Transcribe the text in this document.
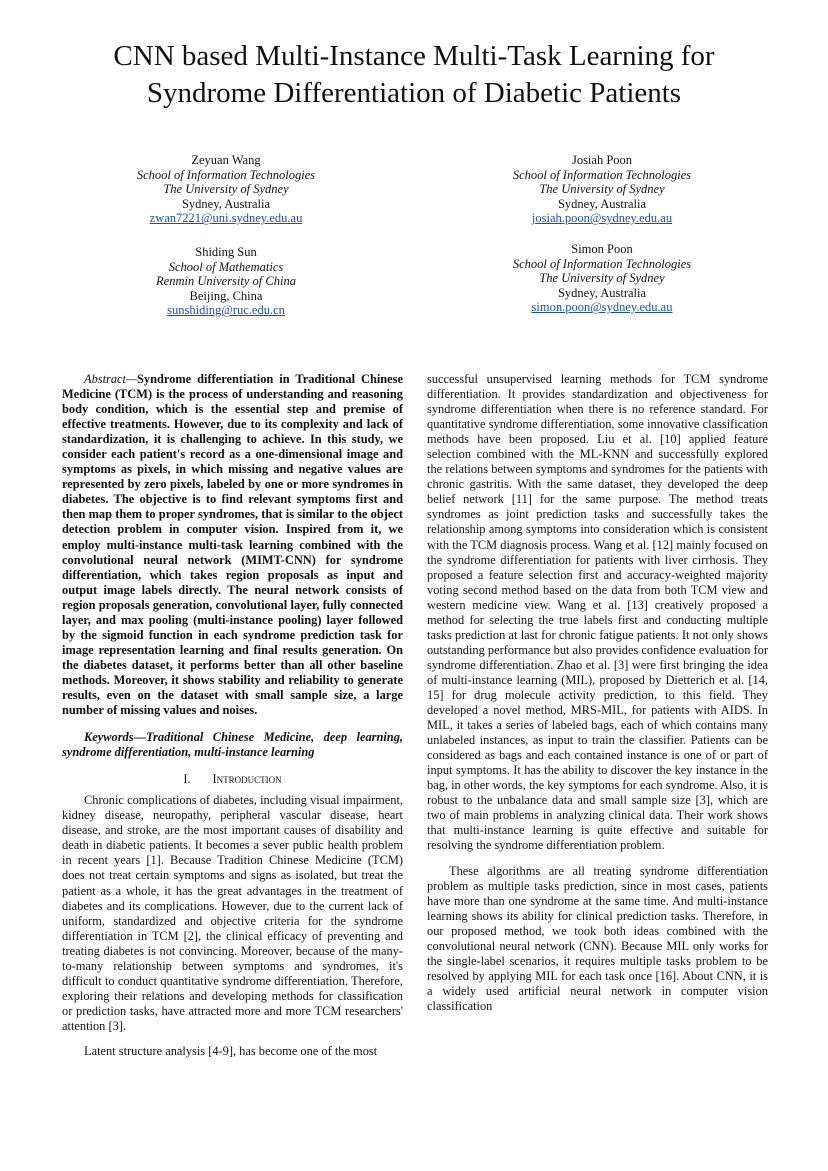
CNN based Multi-Instance Multi-Task Learning for
Syndrome Differentiation of Diabetic Patients
Zeyuan Wang
School of Information Technologies
The University of Sydney
Sydney, Australia
zwan7221@uni.sydney.edu.au
Josiah Poon
School of Information Technologies
The University of Sydney
Sydney, Australia
josiah.poon@sydney.edu.au
Shiding Sun
School of Mathematics
Renmin University of China
Beijing, China
sunshiding@ruc.edu.cn
Simon Poon
School of Information Technologies
The University of Sydney
Sydney, Australia
simon.poon@sydney.edu.au

Abstract—Syndrome differentiation in Traditional Chinese Medicine (TCM) is the process of understanding and reasoning body condition, which is the essential step and premise of effective treatments. However, due to its complexity and lack of standardization, it is challenging to achieve. In this study, we consider each patient's record as a one-dimensional image and symptoms as pixels, in which missing and negative values are represented by zero pixels, labeled by one or more syndromes in diabetes. The objective is to find relevant symptoms first and then map them to proper syndromes, that is similar to the object detection problem in computer vision. Inspired from it, we employ multi-instance multi-task learning combined with the convolutional neural network (MIMT-CNN) for syndrome differentiation, which takes region proposals as input and output image labels directly. The neural network consists of region proposals generation, convolutional layer, fully connected layer, and max pooling (multi-instance pooling) layer followed by the sigmoid function in each syndrome prediction task for image representation learning and final results generation. On the diabetes dataset, it performs better than all other baseline methods. Moreover, it shows stability and reliability to generate results, even on the dataset with small sample size, a large number of missing values and noises.

Keywords—Traditional Chinese Medicine, deep learning, syndrome differentiation, multi-instance learning

I. Introduction

Chronic complications of diabetes, including visual impairment, kidney disease, neuropathy, peripheral vascular disease, heart disease, and stroke, are the most important causes of disability and death in diabetic patients. It becomes a sever public health problem in recent years [1]. Because Tradition Chinese Medicine (TCM) does not treat certain symptoms and signs as isolated, but treat the patient as a whole, it has the great advantages in the treatment of diabetes and its complications. However, due to the current lack of uniform, standardized and objective criteria for the syndrome differentiation in TCM [2], the clinical efficacy of preventing and treating diabetes is not convincing. Moreover, because of the many-to-many relationship between symptoms and syndromes, it's difficult to conduct quantitative syndrome differentiation. Therefore, exploring their relations and developing methods for classification or prediction tasks, have attracted more and more TCM researchers' attention [3].

Latent structure analysis [4-9], has become one of the most

successful unsupervised learning methods for TCM syndrome differentiation. It provides standardization and objectiveness for syndrome differentiation when there is no reference standard. For quantitative syndrome differentiation, some innovative classification methods have been proposed. Liu et al. [10] applied feature selection combined with the ML-KNN and successfully explored the relations between symptoms and syndromes for the patients with chronic gastritis. With the same dataset, they developed the deep belief network [11] for the same purpose. The method treats syndromes as joint prediction tasks and successfully takes the relationship among symptoms into consideration which is consistent with the TCM diagnosis process. Wang et al. [12] mainly focused on the syndrome differentiation for patients with liver cirrhosis. They proposed a feature selection first and accuracy-weighted majority voting second method based on the data from both TCM view and western medicine view. Wang et al. [13] creatively proposed a method for selecting the true labels first and conducting multiple tasks prediction at last for chronic fatigue patients. It not only shows outstanding performance but also provides confidence evaluation for syndrome differentiation. Zhao et al. [3] were first bringing the idea of multi-instance learning (MIL), proposed by Dietterich et al. [14, 15] for drug molecule activity prediction, to this field. They developed a novel method, MRS-MIL, for patients with AIDS. In MIL, it takes a series of labeled bags, each of which contains many unlabeled instances, as input to train the classifier. Patients can be considered as bags and each contained instance is one of or part of input symptoms. It has the ability to discover the key instance in the bag, in other words, the key symptoms for each syndrome. Also, it is robust to the unbalance data and small sample size [3], which are two of main problems in analyzing clinical data. Their work shows that multi-instance learning is quite effective and suitable for resolving the syndrome differentiation problem.

These algorithms are all treating syndrome differentiation problem as multiple tasks prediction, since in most cases, patients have more than one syndrome at the same time. And multi-instance learning shows its ability for clinical prediction tasks. Therefore, in our proposed method, we took both ideas combined with the convolutional neural network (CNN). Because MIL only works for the single-label scenarios, it requires multiple tasks problem to be resolved by applying MIL for each task once [16]. About CNN, it is a widely used artificial neural network in computer vision classification
